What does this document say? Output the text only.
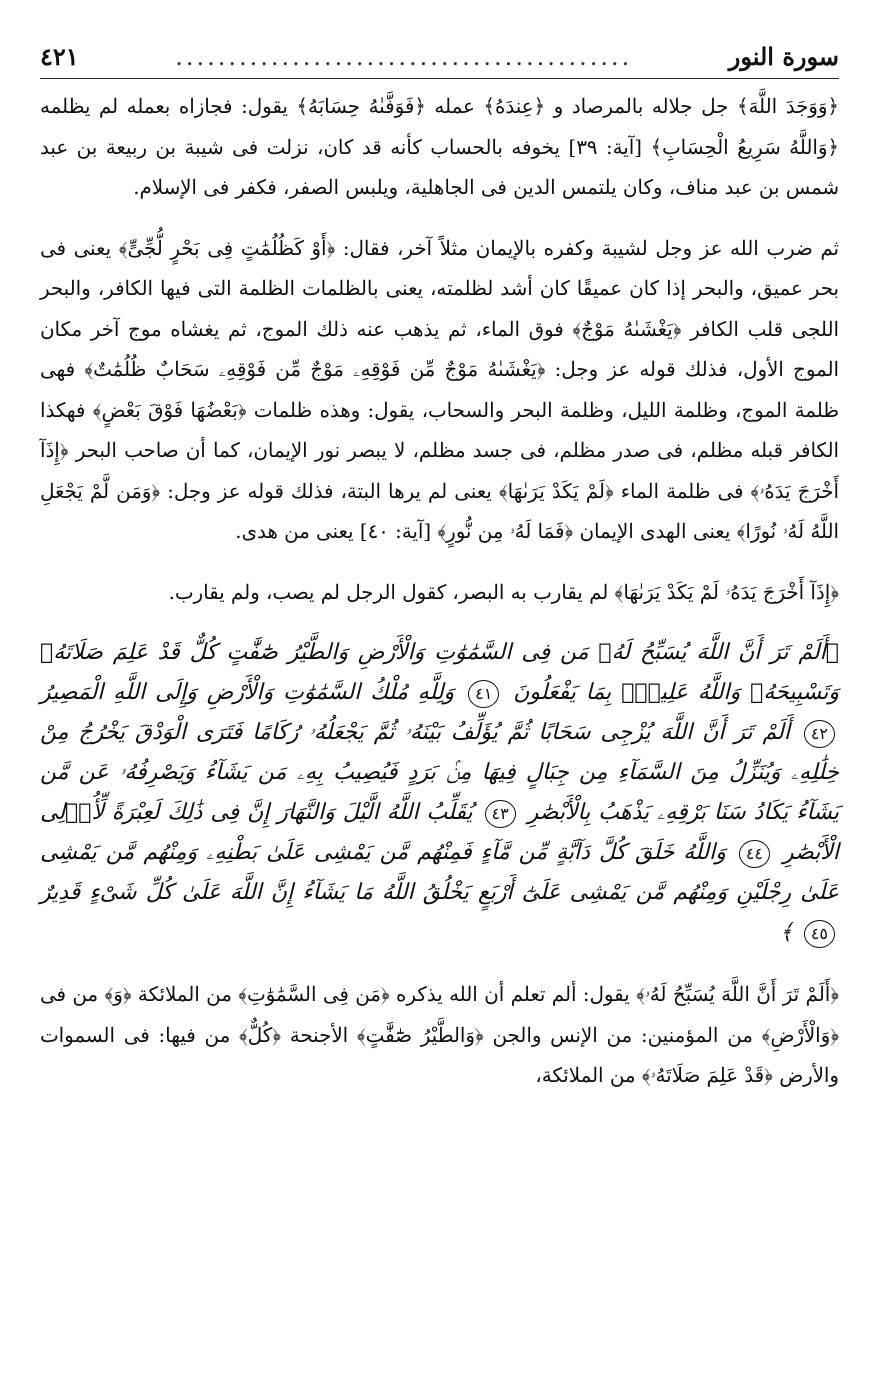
سورة النور
...........................................
٤٢١

﴿وَوَجَدَ اللَّهَ﴾ جل جلاله بالمرصاد و ﴿عِندَهُ﴾ عمله ﴿فَوَفَّىٰهُ حِسَابَهُ﴾ يقول: فجازاه بعمله لم يظلمه ﴿وَاللَّهُ سَرِيعُ الْحِسَابِ﴾ [آية: ٣٩] يخوفه بالحساب كأنه قد كان، نزلت فى شيبة بن ربيعة بن عبد شمس بن عبد مناف، وكان يلتمس الدين فى الجاهلية، ويلبس الصفر، فكفر فى الإسلام.

ثم ضرب الله عز وجل لشيبة وكفره بالإيمان مثلاً آخر، فقال: ﴿أَوْ كَظُلُمَٰتٍ فِى بَحْرٍ لُّجِّىٍّ﴾ يعنى فى بحر عميق، والبحر إذا كان عميقًا كان أشد لظلمته، يعنى بالظلمات الظلمة التى فيها الكافر، والبحر اللجى قلب الكافر ﴿يَغْشَىٰهُ مَوْجٌ﴾ فوق الماء، ثم يذهب عنه ذلك الموج، ثم يغشاه موج آخر مكان الموج الأول، فذلك قوله عز وجل: ﴿يَغْشَىٰهُ مَوْجٌ مِّن فَوْقِهِۦ مَوْجٌ مِّن فَوْقِهِۦ سَحَابٌ ظُلُمَٰتٌ﴾ فهى ظلمة الموج، وظلمة الليل، وظلمة البحر والسحاب، يقول: وهذه ظلمات ﴿بَعْضُهَا فَوْقَ بَعْضٍ﴾ فهكذا الكافر قبله مظلم، فى صدر مظلم، فى جسد مظلم، لا يبصر نور الإيمان، كما أن صاحب البحر ﴿إِذَآ أَخْرَجَ يَدَهُۥ﴾ فى ظلمة الماء ﴿لَمْ يَكَدْ يَرَىٰهَا﴾ يعنى لم يرها البتة، فذلك قوله عز وجل: ﴿وَمَن لَّمْ يَجْعَلِ اللَّهُ لَهُۥ نُورًا﴾ يعنى الهدى الإيمان ﴿فَمَا لَهُۥ مِن نُّورٍ﴾ [آية: ٤٠] يعنى من هدى.

﴿إِذَآ أَخْرَجَ يَدَهُۥ لَمْ يَكَدْ يَرَىٰهَا﴾ لم يقارب به البصر، كقول الرجل لم يصب، ولم يقارب.

﴿أَلَمْ تَرَ أَنَّ اللَّهَ يُسَبِّحُ لَهُۥ مَن فِى السَّمَٰوَٰتِ وَالْأَرْضِ وَالطَّيْرُ صَٰٓفَّٰتٍ كُلٌّ قَدْ عَلِمَ صَلَاتَهُۥ وَتَسْبِيحَهُۥ وَاللَّهُ عَلِيمٌۢ بِمَا يَفْعَلُونَ ٤١ وَلِلَّهِ مُلْكُ السَّمَٰوَٰتِ وَالْأَرْضِ وَإِلَى اللَّهِ الْمَصِيرُ ٤٢ أَلَمْ تَرَ أَنَّ اللَّهَ يُزْجِى سَحَابًا ثُمَّ يُؤَلِّفُ بَيْنَهُۥ ثُمَّ يَجْعَلُهُۥ رُكَامًا فَتَرَى الْوَدْقَ يَخْرُجُ مِنْ خِلَٰلِهِۦ وَيُنَزِّلُ مِنَ السَّمَآءِ مِن جِبَالٍ فِيهَا مِنۢ بَرَدٍ فَيُصِيبُ بِهِۦ مَن يَشَآءُ وَيَصْرِفُهُۥ عَن مَّن يَشَآءُ يَكَادُ سَنَا بَرْقِهِۦ يَذْهَبُ بِالْأَبْصَٰرِ ٤٣ يُقَلِّبُ اللَّهُ الَّيْلَ وَالنَّهَارَ إِنَّ فِى ذَٰلِكَ لَعِبْرَةً لِّأُو۟لِى الْأَبْصَٰرِ ٤٤ وَاللَّهُ خَلَقَ كُلَّ دَآبَّةٍ مِّن مَّآءٍ فَمِنْهُم مَّن يَمْشِى عَلَىٰ بَطْنِهِۦ وَمِنْهُم مَّن يَمْشِى عَلَىٰ رِجْلَيْنِ وَمِنْهُم مَّن يَمْشِى عَلَىٰٓ أَرْبَعٍ يَخْلُقُ اللَّهُ مَا يَشَآءُ إِنَّ اللَّهَ عَلَىٰ كُلِّ شَىْءٍ قَدِيرٌ ٤٥ ﴾

﴿أَلَمْ تَرَ أَنَّ اللَّهَ يُسَبِّحُ لَهُۥ﴾ يقول: ألم تعلم أن الله يذكره ﴿مَن فِى السَّمَٰوَٰتِ﴾ من الملائكة ﴿وَ﴾ من فى ﴿وَالْأَرْضِ﴾ من المؤمنين: من الإنس والجن ﴿وَالطَّيْرُ صَٰٓفَّٰتٍ﴾ الأجنحة ﴿كُلٌّ﴾ من فيها: فى السموات والأرض ﴿قَدْ عَلِمَ صَلَاتَهُۥ﴾ من الملائكة،
